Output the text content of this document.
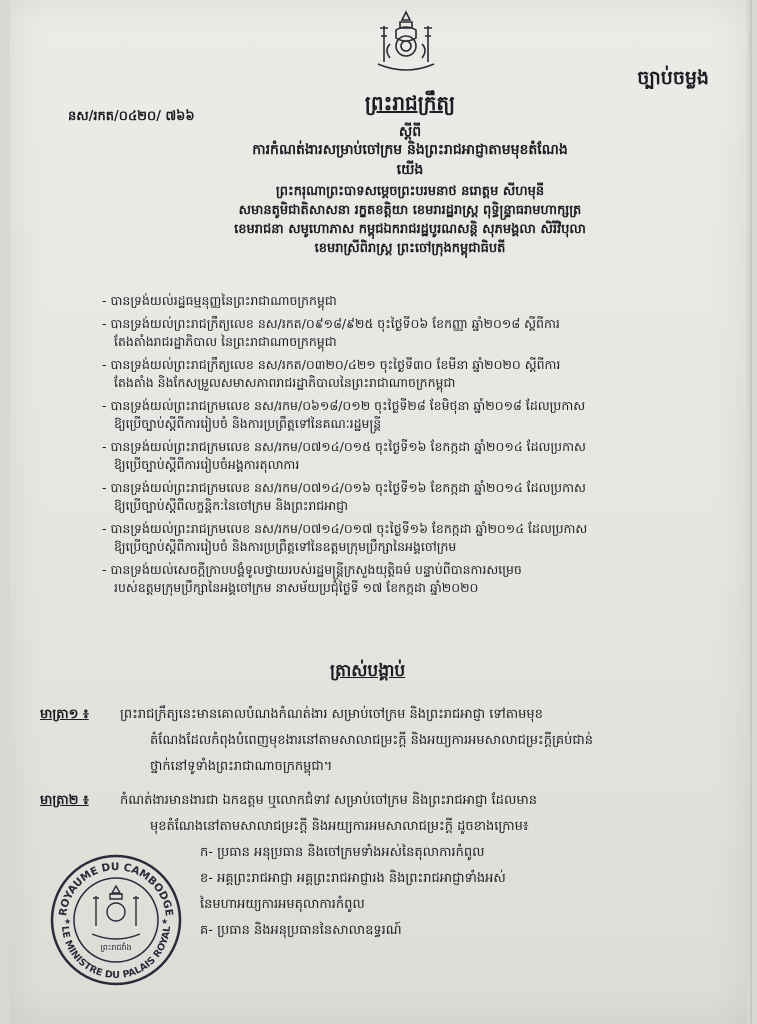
ច្បាប់ចម្លង
នស/រកត/០៤២០/ ៧៦៦
ព្រះរាជក្រឹត្យ
ស្តីពី
ការកំណត់ងារសម្រាប់ចៅក្រម និងព្រះរាជអាជ្ញាតាមមុខតំណែង
យើង
ព្រះករុណាព្រះបាទសម្តេចព្រះបរមនាថ នរោត្តម សីហមុនី
សមានតូមិជាតិសាសនា រក្ខតខត្តិយា ខេមរារដ្ឋរាស្ត្រ ពុទ្ធិន្ទ្រាធរាមហាក្សត្រ
ខេមរាជនា សមូហោភាស កម្ពុជឯករាជរដ្ឋបូរណសន្តិ សុភមង្គលា សិរីវិបុលា
ខេមរាស្រីពិរាស្ត្រ ព្រះចៅក្រុងកម្ពុជាធិបតី
- បានទ្រង់យល់រដ្ឋធម្មនុញ្ញនៃព្រះរាជាណាចក្រកម្ពុជា
- បានទ្រង់យល់ព្រះរាជក្រឹត្យលេខ នស/រកត/០៩១៨/៩២៥ ចុះថ្ងៃទី០៦ ខែកញ្ញា ឆ្នាំ២០១៨ ស្តីពីការ
តែងតាំងរាជរដ្ឋាភិបាល នៃព្រះរាជាណាចក្រកម្ពុជា
- បានទ្រង់យល់ព្រះរាជក្រឹត្យលេខ នស/រកត/០៣២០/៤២១ ចុះថ្ងៃទី៣០ ខែមីនា ឆ្នាំ២០២០ ស្តីពីការ
តែងតាំង និងកែសម្រួលសមាសភាពរាជរដ្ឋាភិបាលនៃព្រះរាជាណាចក្រកម្ពុជា
- បានទ្រង់យល់ព្រះរាជក្រមលេខ នស/រកម/០៦១៨/០១២ ចុះថ្ងៃទី២៨ ខែមិថុនា ឆ្នាំ២០១៨ ដែលប្រកាស
ឱ្យប្រើច្បាប់ស្តីពីការរៀបចំ និងការប្រព្រឹត្តទៅនៃគណៈរដ្ឋមន្ត្រី
- បានទ្រង់យល់ព្រះរាជក្រមលេខ នស/រកម/០៧១៤/០១៥ ចុះថ្ងៃទី១៦ ខែកក្កដា ឆ្នាំ២០១៤ ដែលប្រកាស
ឱ្យប្រើច្បាប់ស្តីពីការរៀបចំអង្គការតុលាការ
- បានទ្រង់យល់ព្រះរាជក្រមលេខ នស/រកម/០៧១៤/០១៦ ចុះថ្ងៃទី១៦ ខែកក្កដា ឆ្នាំ២០១៤ ដែលប្រកាស
ឱ្យប្រើច្បាប់ស្តីពីលក្ខន្តិកៈនៃចៅក្រម និងព្រះរាជអាជ្ញា
- បានទ្រង់យល់ព្រះរាជក្រមលេខ នស/រកម/០៧១៤/០១៧ ចុះថ្ងៃទី១៦ ខែកក្កដា ឆ្នាំ២០១៤ ដែលប្រកាស
ឱ្យប្រើច្បាប់ស្តីពីការរៀបចំ និងការប្រព្រឹត្តទៅនៃឧត្តមក្រុមប្រឹក្សានៃអង្គចៅក្រម
- បានទ្រង់យល់សេចក្តីក្រាបបង្គំទូលថ្វាយរបស់រដ្ឋមន្ត្រីក្រសួងយុត្តិធម៌ បន្ទាប់ពីបានការសម្រេច
របស់ឧត្តមក្រុមប្រឹក្សានៃអង្គចៅក្រម នាសម័យប្រជុំថ្ងៃទី ១៧ ខែកក្កដា ឆ្នាំ២០២០
ត្រាស់បង្គាប់
មាត្រា១ ៖	ព្រះរាជក្រឹត្យនេះមានគោលបំណងកំណត់ងារ សម្រាប់ចៅក្រម និងព្រះរាជអាជ្ញា ទៅតាមមុខ
តំណែងដែលកំពុងបំពេញមុខងារនៅតាមសាលាជម្រះក្តី និងអយ្យការអមសាលាជម្រះក្តីគ្រប់ជាន់
ថ្នាក់នៅទូទាំងព្រះរាជាណាចក្រកម្ពុជា។
មាត្រា២ ៖	កំណត់ងារមានងារជា ឯកឧត្តម ឬលោកជំទាវ សម្រាប់ចៅក្រម និងព្រះរាជអាជ្ញា ដែលមាន
មុខតំណែងនៅតាមសាលាជម្រះក្តី និងអយ្យការអមសាលាជម្រះក្តី ដូចខាងក្រោម៖
ក- ប្រធាន អនុប្រធាន និងចៅក្រមទាំងអស់នៃតុលាការកំពូល
ខ- អគ្គព្រះរាជអាជ្ញា អគ្គព្រះរាជអាជ្ញារង និងព្រះរាជអាជ្ញាទាំងអស់
នៃមហាអយ្យការអមតុលាការកំពូល
គ- ប្រធាន និងអនុប្រធាននៃសាលាឧទ្ធរណ៍
ROYAUME DU CAMBODGE
LE MINISTRE DU PALAIS ROYAL
ព្រះរាជវាំង
★	★
